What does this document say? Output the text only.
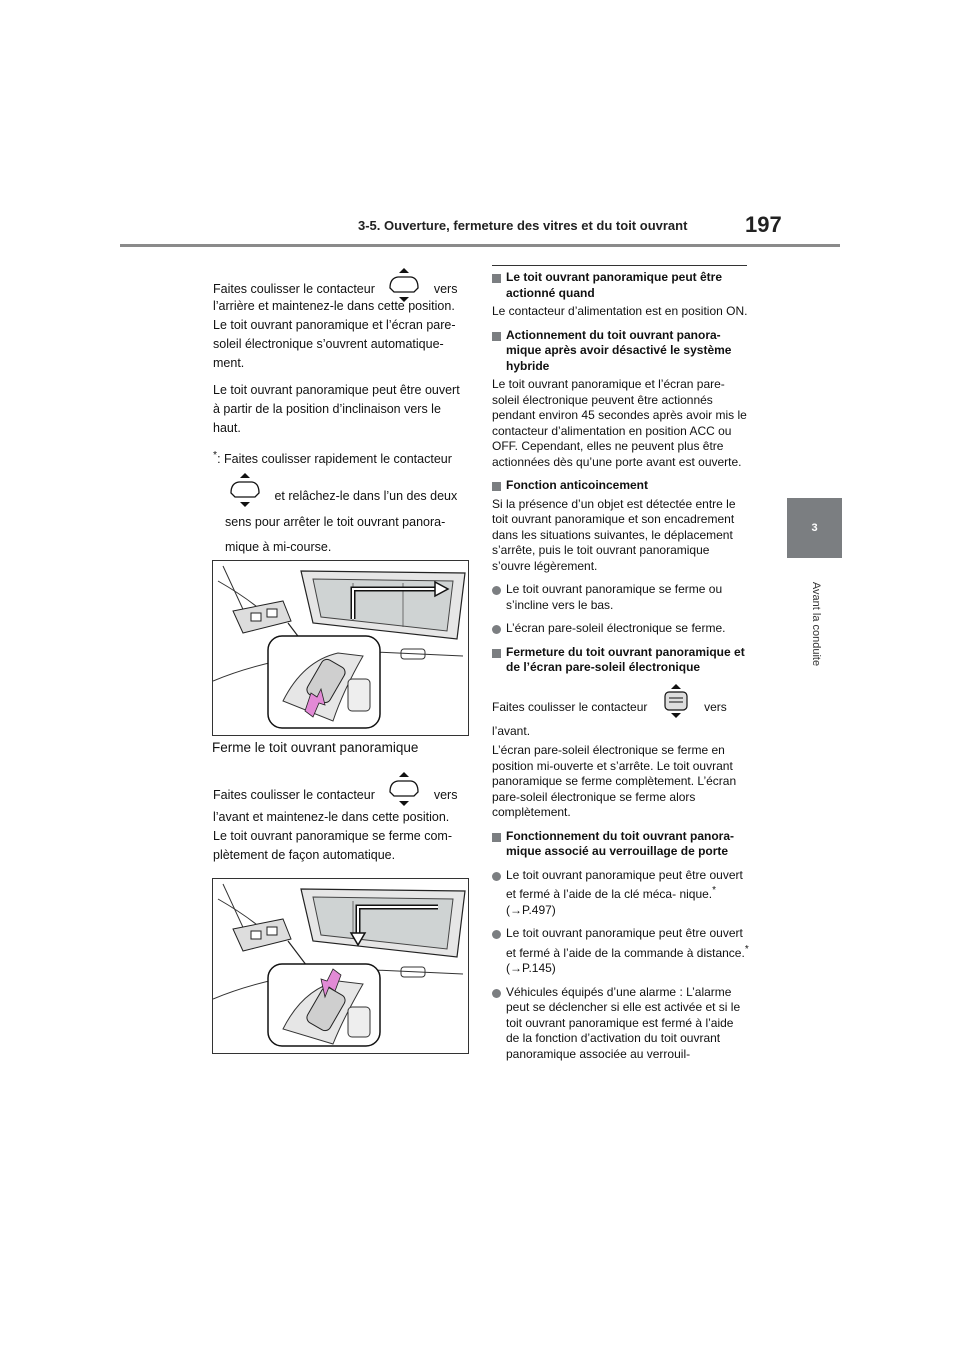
3-5. Ouverture, fermeture des vitres et du toit ouvrant	197
3
Avant la conduite
Faites coulisser le contacteur	vers

l’arrière et maintenez-le dans cette position.

Le toit ouvrant panoramique et l’écran pare-

soleil électronique s’ouvrent automatique-

ment.

Le toit ouvrant panoramique peut être ouvert

à partir de la position d’inclinaison vers le

haut.

*: Faites coulisser rapidement le contacteur

et relâchez-le dans l’un des deux

sens pour arrêter le toit ouvrant panora-

mique à mi-course.

Ferme le toit ouvrant panoramique
Faites coulisser le contacteur	vers

l’avant et maintenez-le dans cette position.

Le toit ouvrant panoramique se ferme com-

plètement de façon automatique.

Le toit ouvrant panoramique peut être actionné quand
Le contacteur d’alimentation est en position ON.
Actionnement du toit ouvrant panoramique après avoir désactivé le système hybride
Le toit ouvrant panoramique et l’écran pare-soleil électronique peuvent être actionnés pendant environ 45 secondes après avoir mis le contacteur d’alimentation en position ACC ou OFF. Cependant, elles ne peuvent plus être actionnées dès qu’une porte avant est ouverte.
Fonction anticoincement
Si la présence d’un objet est détectée entre le toit ouvrant panoramique et son encadrement dans les situations suivantes, le déplacement s’arrête, puis le toit ouvrant panoramique s’ouvre légèrement.
Le toit ouvrant panoramique se ferme ou s’incline vers le bas.
L’écran pare-soleil électronique se ferme.
Fermeture du toit ouvrant panoramique et de l’écran pare-soleil électronique
Faites coulisser le contacteur	vers
l’avant.
L’écran pare-soleil électronique se ferme en position mi-ouverte et s’arrête. Le toit ouvrant panoramique se ferme complètement. L’écran pare-soleil électronique se ferme alors complètement.
Fonctionnement du toit ouvrant panoramique associé au verrouillage de porte
Le toit ouvrant panoramique peut être ouvert et fermé à l’aide de la clé méca- nique.* (→P.497)
Le toit ouvrant panoramique peut être ouvert et fermé à l’aide de la commande à distance.* (→P.145)
Véhicules équipés d’une alarme : L’alarme peut se déclencher si elle est activée et si le toit ouvrant panoramique est fermé à l’aide de la fonction d’activation du toit ouvrant panoramique associée au verrouil-
